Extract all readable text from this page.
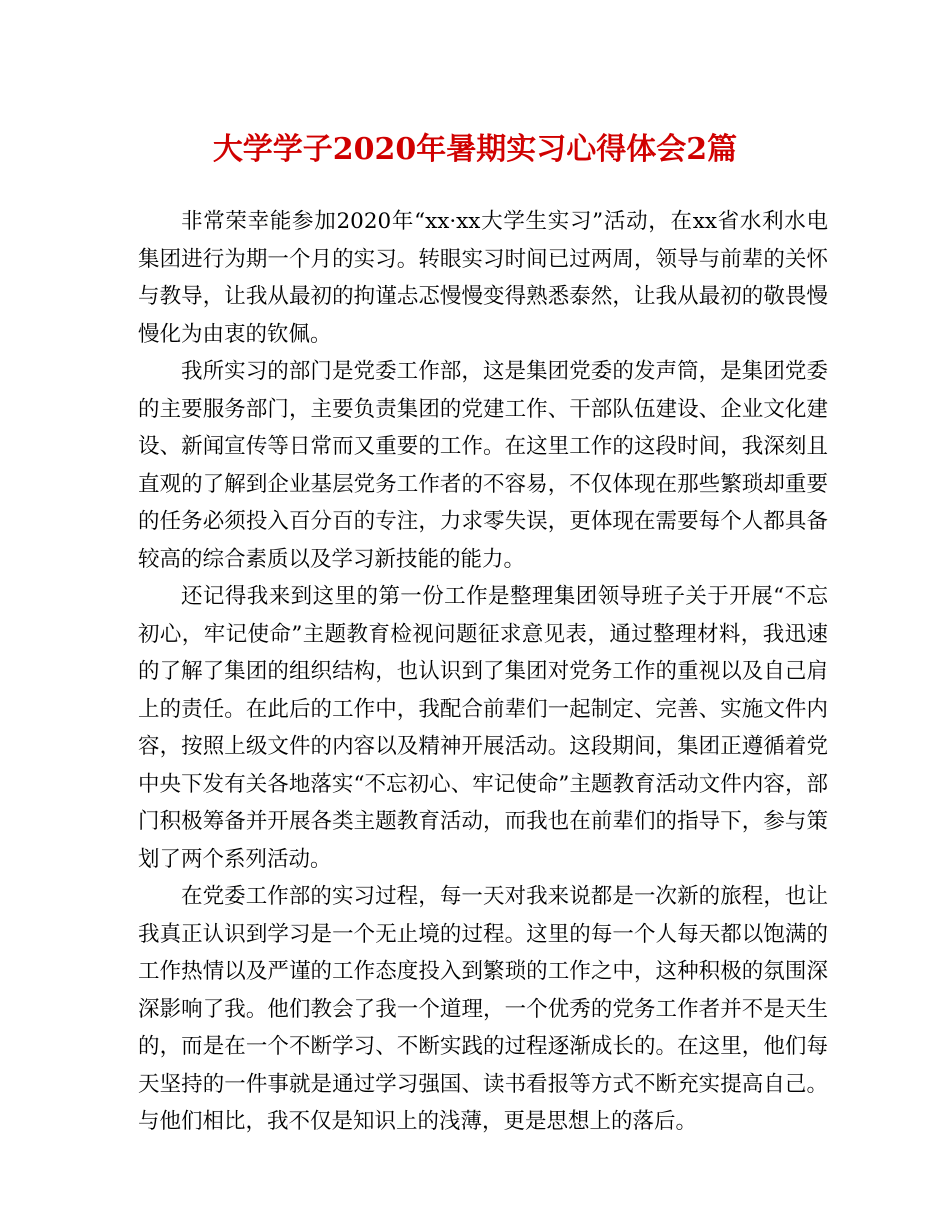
大学学子2020年暑期实习心得体会2篇

非常荣幸能参加2020年“xx·xx大学生实习”活动，在xx省水利水电集团进行为期一个月的实习。转眼实习时间已过两周，领导与前辈的关怀与教导，让我从最初的拘谨忐忑慢慢变得熟悉泰然，让我从最初的敬畏慢慢化为由衷的钦佩。

我所实习的部门是党委工作部，这是集团党委的发声筒，是集团党委的主要服务部门，主要负责集团的党建工作、干部队伍建设、企业文化建设、新闻宣传等日常而又重要的工作。在这里工作的这段时间，我深刻且直观的了解到企业基层党务工作者的不容易，不仅体现在那些繁琐却重要的任务必须投入百分百的专注，力求零失误，更体现在需要每个人都具备较高的综合素质以及学习新技能的能力。

还记得我来到这里的第一份工作是整理集团领导班子关于开展“不忘初心，牢记使命”主题教育检视问题征求意见表，通过整理材料，我迅速的了解了集团的组织结构，也认识到了集团对党务工作的重视以及自己肩上的责任。在此后的工作中，我配合前辈们一起制定、完善、实施文件内容，按照上级文件的内容以及精神开展活动。这段期间，集团正遵循着党中央下发有关各地落实“不忘初心、牢记使命”主题教育活动文件内容，部门积极筹备并开展各类主题教育活动，而我也在前辈们的指导下，参与策划了两个系列活动。

在党委工作部的实习过程，每一天对我来说都是一次新的旅程，也让我真正认识到学习是一个无止境的过程。这里的每一个人每天都以饱满的工作热情以及严谨的工作态度投入到繁琐的工作之中，这种积极的氛围深深影响了我。他们教会了我一个道理，一个优秀的党务工作者并不是天生的，而是在一个不断学习、不断实践的过程逐渐成长的。在这里，他们每天坚持的一件事就是通过学习强国、读书看报等方式不断充实提高自己。与他们相比，我不仅是知识上的浅薄，更是思想上的落后。
